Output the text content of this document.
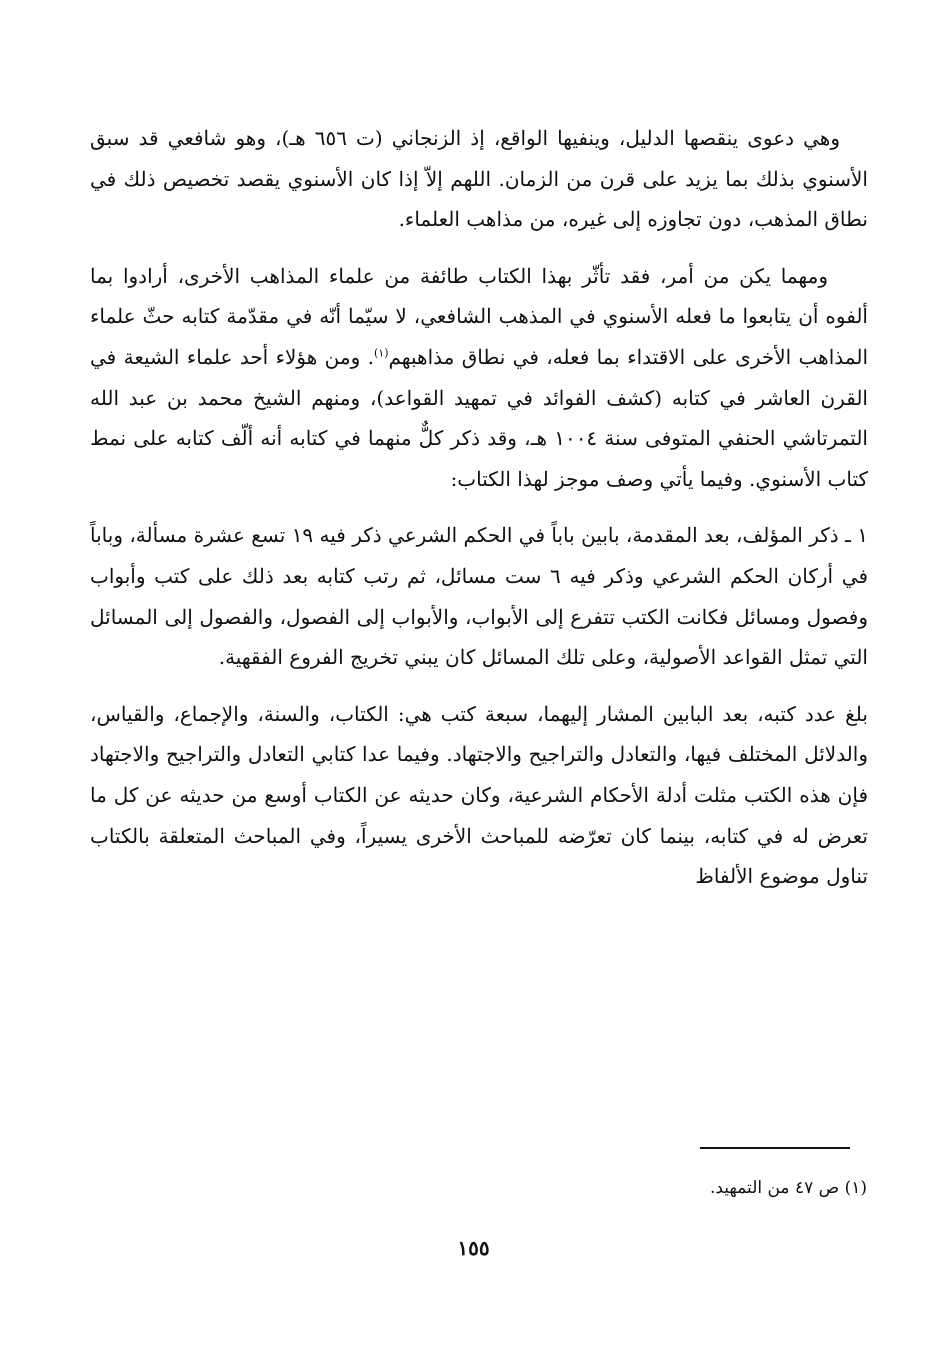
وهي دعوى ينقصها الدليل، وينفيها الواقع، إذ الزنجاني (ت ٦٥٦ هـ)، وهو شافعي قد سبق الأسنوي بذلك بما يزيد على قرن من الزمان. اللهم إلاّ إذا كان الأسنوي يقصد تخصيص ذلك في نطاق المذهب، دون تجاوزه إلى غيره، من مذاهب العلماء.

ومهما يكن من أمر، فقد تأثّر بهذا الكتاب طائفة من علماء المذاهب الأخرى، أرادوا بما ألفوه أن يتابعوا ما فعله الأسنوي في المذهب الشافعي، لا سيّما أنّه في مقدّمة كتابه حثّ علماء المذاهب الأخرى على الاقتداء بما فعله، في نطاق مذاهبهم$^{(١)}$. ومن هؤلاء أحد علماء الشيعة في القرن العاشر في كتابه (كشف الفوائد في تمهيد القواعد)، ومنهم الشيخ محمد بن عبد الله التمرتاشي الحنفي المتوفى سنة ١٠٠٤ هـ، وقد ذكر كلٌّ منهما في كتابه أنه ألّف كتابه على نمط كتاب الأسنوي. وفيما يأتي وصف موجز لهذا الكتاب:

١ ـ ذكر المؤلف، بعد المقدمة، بابين باباً في الحكم الشرعي ذكر فيه ١٩ تسع عشرة مسألة، وباباً في أركان الحكم الشرعي وذكر فيه ٦ ست مسائل، ثم رتب كتابه بعد ذلك على كتب وأبواب وفصول ومسائل فكانت الكتب تتفرع إلى الأبواب، والأبواب إلى الفصول، والفصول إلى المسائل التي تمثل القواعد الأصولية، وعلى تلك المسائل كان يبني تخريج الفروع الفقهية.

بلغ عدد كتبه، بعد البابين المشار إليهما، سبعة كتب هي: الكتاب، والسنة، والإجماع، والقياس، والدلائل المختلف فيها، والتعادل والتراجيح والاجتهاد. وفيما عدا كتابي التعادل والتراجيح والاجتهاد فإن هذه الكتب مثلت أدلة الأحكام الشرعية، وكان حديثه عن الكتاب أوسع من حديثه عن كل ما تعرض له في كتابه، بينما كان تعرّضه للمباحث الأخرى يسيراً، وفي المباحث المتعلقة بالكتاب تناول موضوع الألفاظ

(١) ص ٤٧ من التمهيد.
١٥٥
